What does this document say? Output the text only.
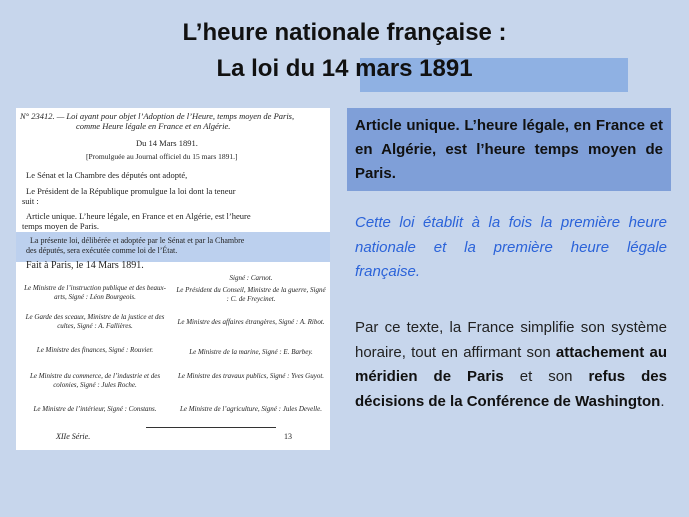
L’heure nationale française :
La loi du 14 mars 1891
N° 23412. — Loi ayant pour objet l’Adoption de l’Heure, temps moyen de Paris,
comme Heure légale en France et en Algérie.
Du 14 Mars 1891.
[Promulguée au Journal officiel du 15 mars 1891.]
Le Sénat et la Chambre des députés ont adopté,
Le Président de la République promulgue la loi dont la teneur
suit :
Article unique. L’heure légale, en France et en Algérie, est l’heure
temps moyen de Paris.
La présente loi, délibérée et adoptée par le Sénat et par la Chambre
des députés, sera exécutée comme loi de l’État.
Fait à Paris, le 14 Mars 1891.
Le Ministre de l’instruction publique et des beaux-arts, Signé : Léon Bourgeois.
Le Garde des sceaux, Ministre de la justice et des cultes, Signé : A. Fallières.
Le Ministre des finances, Signé : Rouvier.
Le Ministre du commerce, de l’industrie et des colonies, Signé : Jules Roche.
Le Ministre de l’intérieur, Signé : Constans.
Signé : Carnot.
Le Président du Conseil, Ministre de la guerre, Signé : C. de Freycinet.
Le Ministre des affaires étrangères, Signé : A. Ribot.
Le Ministre de la marine, Signé : E. Barbey.
Le Ministre des travaux publics, Signé : Yves Guyot.
Le Ministre de l’agriculture, Signé : Jules Develle.
XIIe Série.	13

Article unique. L’heure légale, en France et en Algérie, est l’heure temps moyen de Paris.

Cette loi établit à la fois la première heure nationale et la première heure légale française.

Par ce texte, la France simplifie son système horaire, tout en affirmant son attachement au méridien de Paris et son refus des décisions de la Conférence de Washington.
